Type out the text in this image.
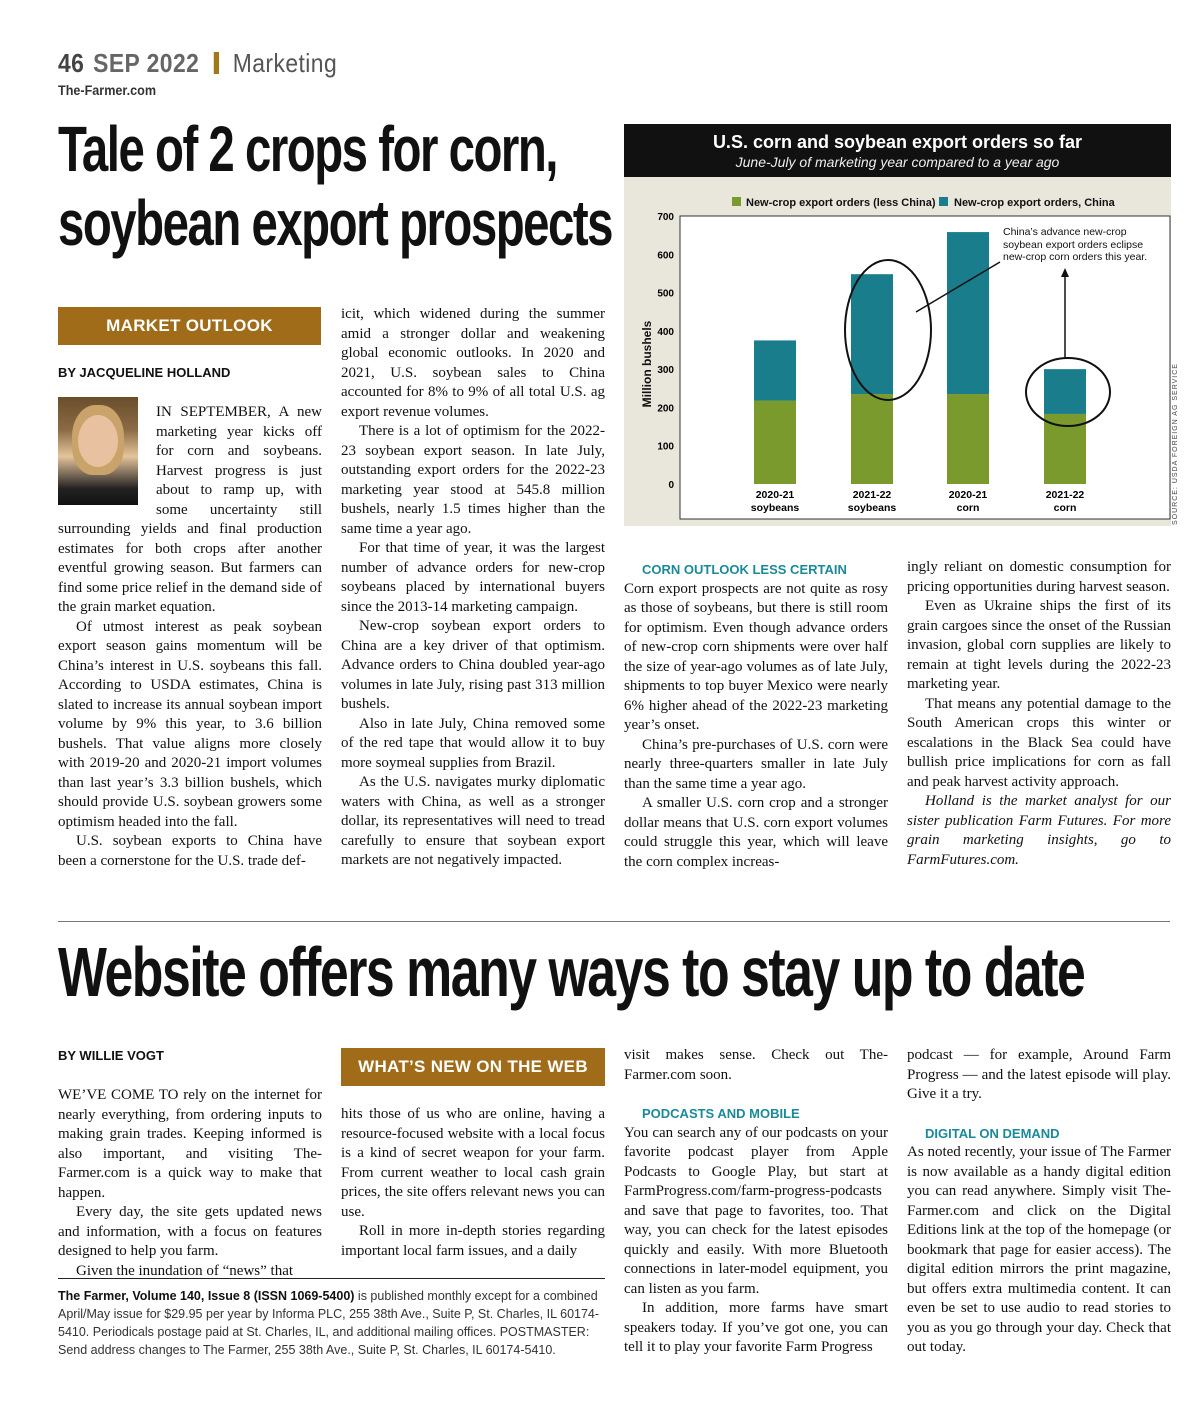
46 SEP 2022 Marketing
The-Farmer.com
Tale of 2 crops for corn,
soybean export prospects
MARKET OUTLOOK
BY JACQUELINE HOLLAND

IN SEPTEMBER, A new marketing year kicks off for corn and soybeans. Harvest progress is just about to ramp up, with some uncertainty still surrounding yields and final production estimates for both crops after another eventful growing season. But farmers can find some price relief in the demand side of the grain market equation.

Of utmost interest as peak soybean export season gains momentum will be China’s interest in U.S. soybeans this fall. According to USDA estimates, China is slated to increase its annual soybean import volume by 9% this year, to 3.6 billion bushels. That value aligns more closely with 2019-20 and 2020-21 import volumes than last year’s 3.3 billion bushels, which should provide U.S. soybean growers some optimism headed into the fall.

U.S. soybean exports to China have been a cornerstone for the U.S. trade def-

icit, which widened during the summer amid a stronger dollar and weakening global economic outlooks. In 2020 and 2021, U.S. soybean sales to China accounted for 8% to 9% of all total U.S. ag export revenue volumes.

There is a lot of optimism for the 2022-23 soybean export season. In late July, outstanding export orders for the 2022-23 marketing year stood at 545.8 million bushels, nearly 1.5 times higher than the same time a year ago.

For that time of year, it was the largest number of advance orders for new-crop soybeans placed by international buyers since the 2013-14 marketing campaign.

New-crop soybean export orders to China are a key driver of that optimism. Advance orders to China doubled year-ago volumes in late July, rising past 313 million bushels.

Also in late July, China removed some of the red tape that would allow it to buy more soymeal supplies from Brazil.

As the U.S. navigates murky diplomatic waters with China, as well as a stronger dollar, its representatives will need to tread carefully to ensure that soybean export markets are not negatively impacted.

U.S. corn and soybean export orders so far
June-July of marketing year compared to a year ago
New-crop export orders (less China) New-crop export orders, China
Million bushels
0
100
200
300
400
500
600
700
2020-21
soybeans
2021-22
soybeans
2020-21
corn
2021-22
corn
China’s advance new-crop soybean export orders eclipse new-crop corn orders this year.
SOURCE: USDA FOREIGN AG SERVICE

CORN OUTLOOK LESS CERTAIN

Corn export prospects are not quite as rosy as those of soybeans, but there is still room for optimism. Even though advance orders of new-crop corn shipments were over half the size of year-ago volumes as of late July, shipments to top buyer Mexico were nearly 6% higher ahead of the 2022-23 marketing year’s onset.

China’s pre-purchases of U.S. corn were nearly three-quarters smaller in late July than the same time a year ago.

A smaller U.S. corn crop and a stronger dollar means that U.S. corn export volumes could struggle this year, which will leave the corn complex increas-

ingly reliant on domestic consumption for pricing opportunities during harvest season.

Even as Ukraine ships the first of its grain cargoes since the onset of the Russian invasion, global corn supplies are likely to remain at tight levels during the 2022-23 marketing year.

That means any potential damage to the South American crops this winter or escalations in the Black Sea could have bullish price implications for corn as fall and peak harvest activity approach.

Holland is the market analyst for our sister publication Farm Futures. For more grain marketing insights, go to FarmFutures.com.

Website offers many ways to stay up to date
BY WILLIE VOGT
WHAT’S NEW ON THE WEB

WE’VE COME TO rely on the internet for nearly everything, from ordering inputs to making grain trades. Keeping informed is also important, and visiting The-Farmer.com is a quick way to make that happen.

Every day, the site gets updated news and information, with a focus on features designed to help you farm.

Given the inundation of “news” that

hits those of us who are online, having a resource-focused website with a local focus is a kind of secret weapon for your farm. From current weather to local cash grain prices, the site offers relevant news you can use.

Roll in more in-depth stories regarding important local farm issues, and a daily

The Farmer, Volume 140, Issue 8 (ISSN 1069-5400) is published monthly except for a combined April/May issue for $29.95 per year by Informa PLC, 255 38th Ave., Suite P, St. Charles, IL 60174-5410. Periodicals postage paid at St. Charles, IL, and additional mailing offices. POSTMASTER: Send address changes to The Farmer, 255 38th Ave., Suite P, St. Charles, IL 60174-5410.

visit makes sense. Check out The-Farmer.com soon.

PODCASTS AND MOBILE

You can search any of our podcasts on your favorite podcast player from Apple Podcasts to Google Play, but start at FarmProgress.com/farm-progress-podcasts and save that page to favorites, too. That way, you can check for the latest episodes quickly and easily. With more Bluetooth connections in later-model equipment, you can listen as you farm.

In addition, more farms have smart speakers today. If you’ve got one, you can tell it to play your favorite Farm Progress

podcast — for example, Around Farm Progress — and the latest episode will play. Give it a try.

DIGITAL ON DEMAND

As noted recently, your issue of The Farmer is now available as a handy digital edition you can read anywhere. Simply visit The-Farmer.com and click on the Digital Editions link at the top of the homepage (or bookmark that page for easier access). The digital edition mirrors the print magazine, but offers extra multimedia content. It can even be set to use audio to read stories to you as you go through your day. Check that out today.
